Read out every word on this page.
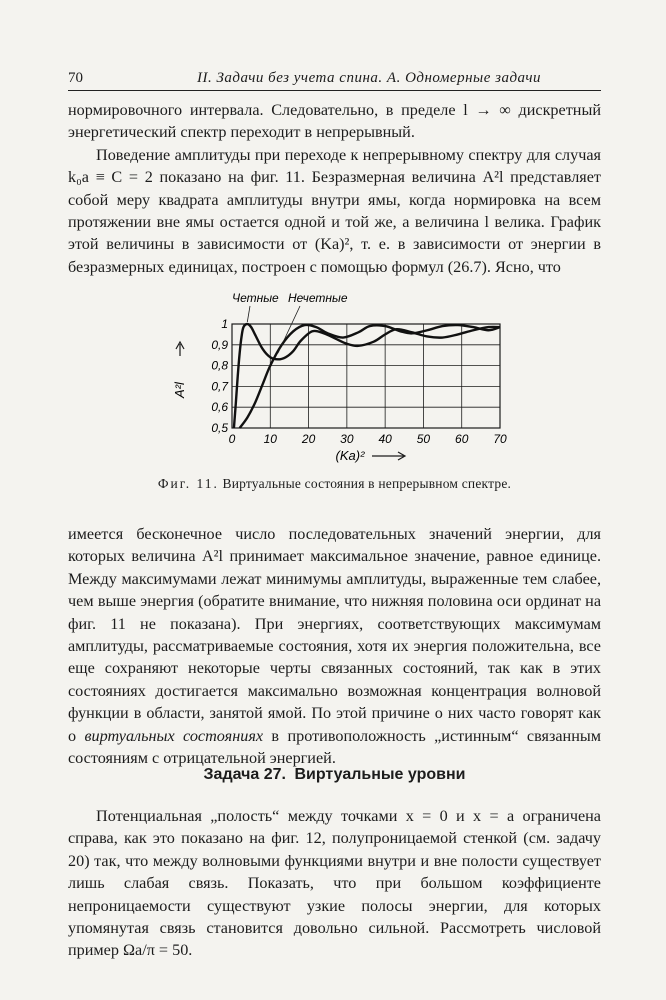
70	II. Задачи без учета спина. А. Одномерные задачи

нормировочного интервала. Следовательно, в пределе l → ∞ дискретный энергетический спектр переходит в непрерывный.

Поведение амплитуды при переходе к непрерывному спектру для случая k₀a ≡ C = 2 показано на фиг. 11. Безразмерная величина A²l представляет собой меру квадрата амплитуды внутри ямы, когда нормировка на всем протяжении вне ямы остается одной и той же, а величина l велика. График этой величины в зависимости от (Ka)², т. е. в зависимости от энергии в безразмерных единицах, построен с помощью формул (26.7). Ясно, что

Четные Нечетные
0 10 20 30 40 50 60 70
0,5
0,6
0,7
0,8
0,9
1
A²l
(Ka)²
Фиг. 11. Виртуальные состояния в непрерывном спектре.

имеется бесконечное число последовательных значений энергии, для которых величина A²l принимает максимальное значение, равное единице. Между максимумами лежат минимумы амплитуды, выраженные тем слабее, чем выше энергия (обратите внимание, что нижняя половина оси ординат на фиг. 11 не показана). При энергиях, соответствующих максимумам амплитуды, рассматриваемые состояния, хотя их энергия положительна, все еще сохраняют некоторые черты связанных состояний, так как в этих состояниях достигается максимально возможная концентрация волновой функции в области, занятой ямой. По этой причине о них часто говорят как о виртуальных состояниях в противоположность „истинным“ связанным состояниям с отрицательной энергией.

Задача 27. Виртуальные уровни

Потенциальная „полость“ между точками x = 0 и x = a ограничена справа, как это показано на фиг. 12, полупроницаемой стенкой (см. задачу 20) так, что между волновыми функциями внутри и вне полости существует лишь слабая связь. Показать, что при большом коэффициенте непроницаемости существуют узкие полосы энергии, для которых упомянутая связь становится довольно сильной. Рассмотреть числовой пример Ωa/π = 50.
